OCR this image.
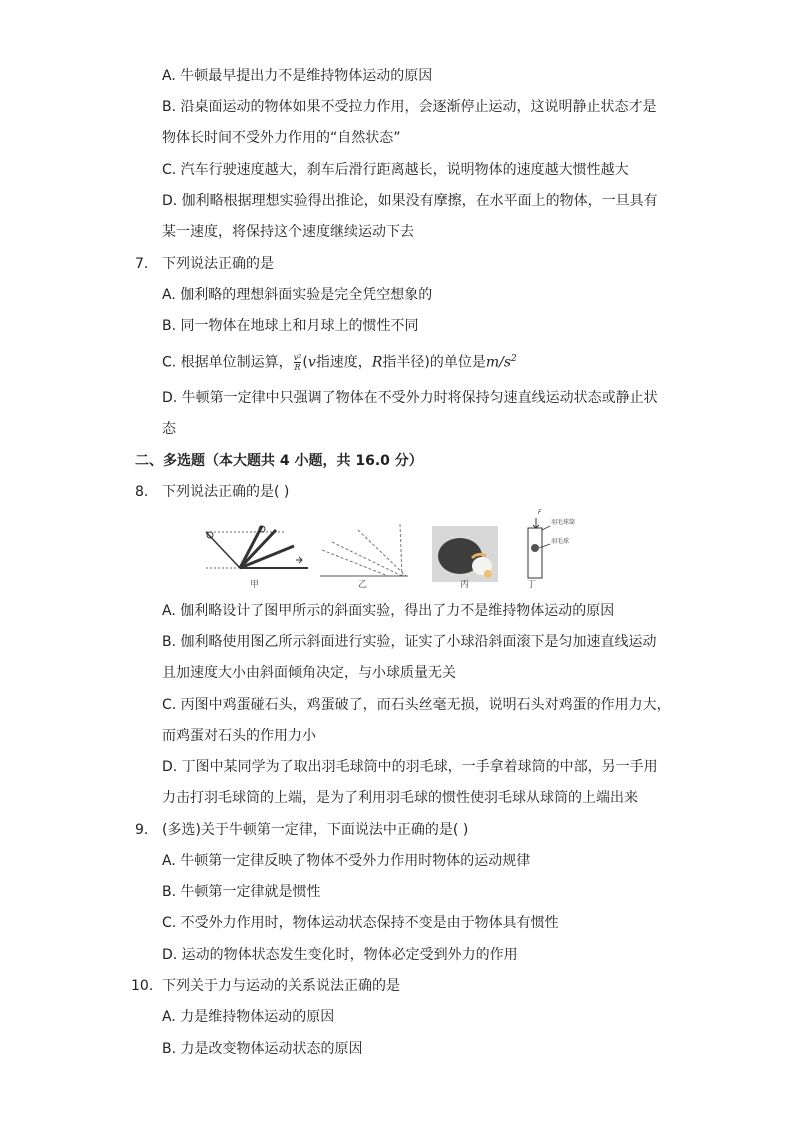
A. 牛顿最早提出力不是维持物体运动的原因
B. 沿桌面运动的物体如果不受拉力作用，会逐渐停止运动，这说明静止状态才是
物体长时间不受外力作用的“自然状态”
C. 汽车行驶速度越大，刹车后滑行距离越长，说明物体的速度越大惯性越大
D. 伽利略根据理想实验得出推论，如果没有摩擦，在水平面上的物体，一旦具有
某一速度，将保持这个速度继续运动下去
7. 下列说法正确的是
A. 伽利略的理想斜面实验是完全凭空想象的
B. 同一物体在地球上和月球上的惯性不同
C. 根据单位制运算， $\frac{\text{v²}}{R} (v$指速度，R指半径)的单位是$m/s^2$
D. 牛顿第一定律中只强调了物体在不受外力时将保持匀速直线运动状态或静止状
态
二、多选题（本大题共 4 小题，共 16.0 分）
8. 下列说法正确的是( )
甲	乙	丙
F
羽毛球筒
羽毛球
丁
A. 伽利略设计了图甲所示的斜面实验，得出了力不是维持物体运动的原因
B. 伽利略使用图乙所示斜面进行实验，证实了小球沿斜面滚下是匀加速直线运动
且加速度大小由斜面倾角决定，与小球质量无关
C. 丙图中鸡蛋碰石头，鸡蛋破了，而石头丝毫无损，说明石头对鸡蛋的作用力大，
而鸡蛋对石头的作用力小
D. 丁图中某同学为了取出羽毛球筒中的羽毛球，一手拿着球筒的中部，另一手用
力击打羽毛球筒的上端，是为了利用羽毛球的惯性使羽毛球从球筒的上端出来
9. (多选)关于牛顿第一定律，下面说法中正确的是( )
A. 牛顿第一定律反映了物体不受外力作用时物体的运动规律
B. 牛顿第一定律就是惯性
C. 不受外力作用时，物体运动状态保持不变是由于物体具有惯性
D. 运动的物体状态发生变化时，物体必定受到外力的作用
10. 下列关于力与运动的关系说法正确的是
A. 力是维持物体运动的原因
B. 力是改变物体运动状态的原因
